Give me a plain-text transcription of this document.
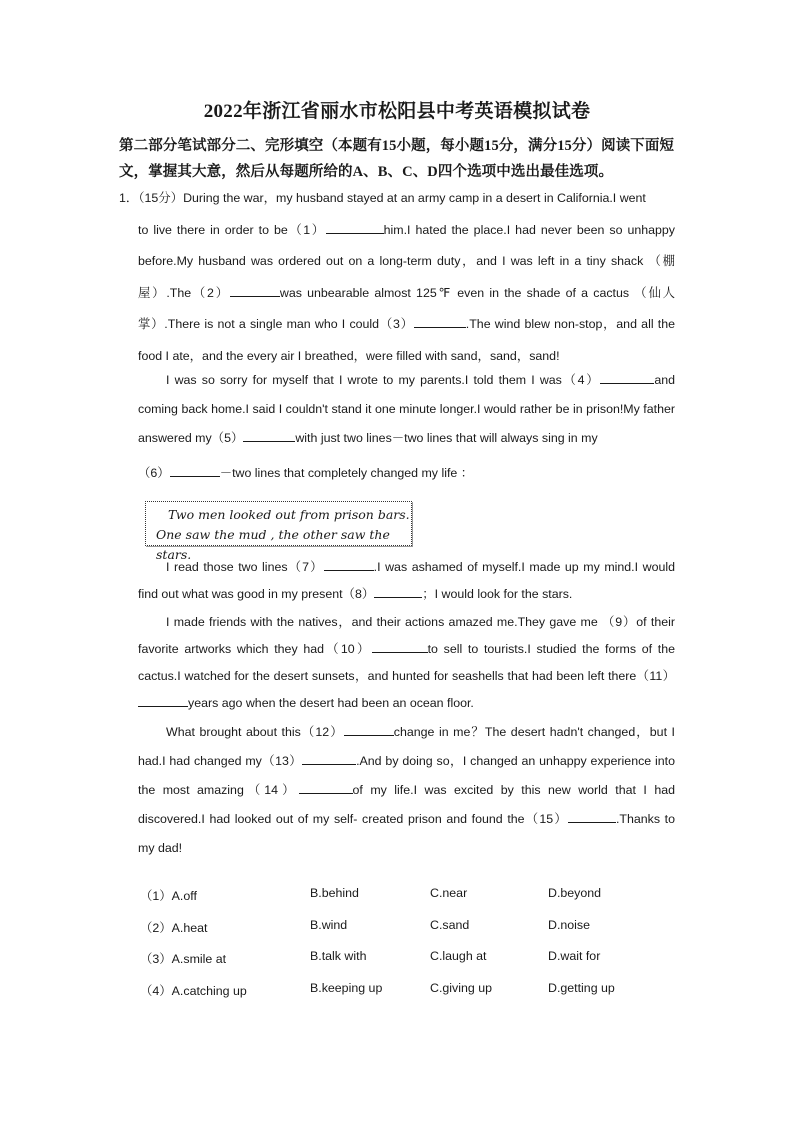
2022年浙江省丽水市松阳县中考英语模拟试卷
第二部分笔试部分二、完形填空（本题有15小题，每小题15分，满分15分）阅读下面短文，掌握其大意，然后从每题所给的A、B、C、D四个选项中选出最佳选项。
1．（15分）During the war，my husband stayed at an army camp in a desert in California.I went
to live there in order to be（1）	him.I hated the place.I had never been so unhappy before.My husband was ordered out on a long-term duty，and I was left in a tiny shack （棚屋）.The（2）	was unbearable almost 125℉ even in the shade of a cactus （仙人掌）.There is not a single man who I could（3）	.The wind blew non-stop，and all the food I ate，and the every air I breathed，were filled with sand，sand，sand!
I was so sorry for myself that I wrote to my parents.I told them I was（4）	and coming back home.I said I couldn't stand it one minute longer.I would rather be in prison!My father answered my（5）	with just two lines－two lines that will always sing in my
（6）	－two lines that completely changed my life ：
Two men looked out from prison bars.
One saw the mud , the other saw the stars.
I read those two lines（7）	.I was ashamed of myself.I made up my mind.I would find out what was good in my present（8）	；I would look for the stars.
I made friends with the natives，and their actions amazed me.They gave me （9）of their favorite artworks which they had（10）	to sell to tourists.I studied the forms of the cactus.I watched for the desert sunsets，and hunted for seashells that had been left there（11）years ago when the desert had been an ocean floor.
What brought about this（12）	change in me？The desert hadn't changed，but I had.I had changed my（13）	.And by doing so，I changed an unhappy experience into the most amazing（14）	of my life.I was excited by this new world that I had discovered.I had looked out of my self- created prison and found the（15）	.Thanks to my dad!
（1）A.off	B.behind	C.near	D.beyond
（2）A.heat	B.wind	C.sand	D.noise
（3）A.smile at	B.talk with	C.laugh at	D.wait for
（4）A.catching up	B.keeping up	C.giving up	D.getting up
